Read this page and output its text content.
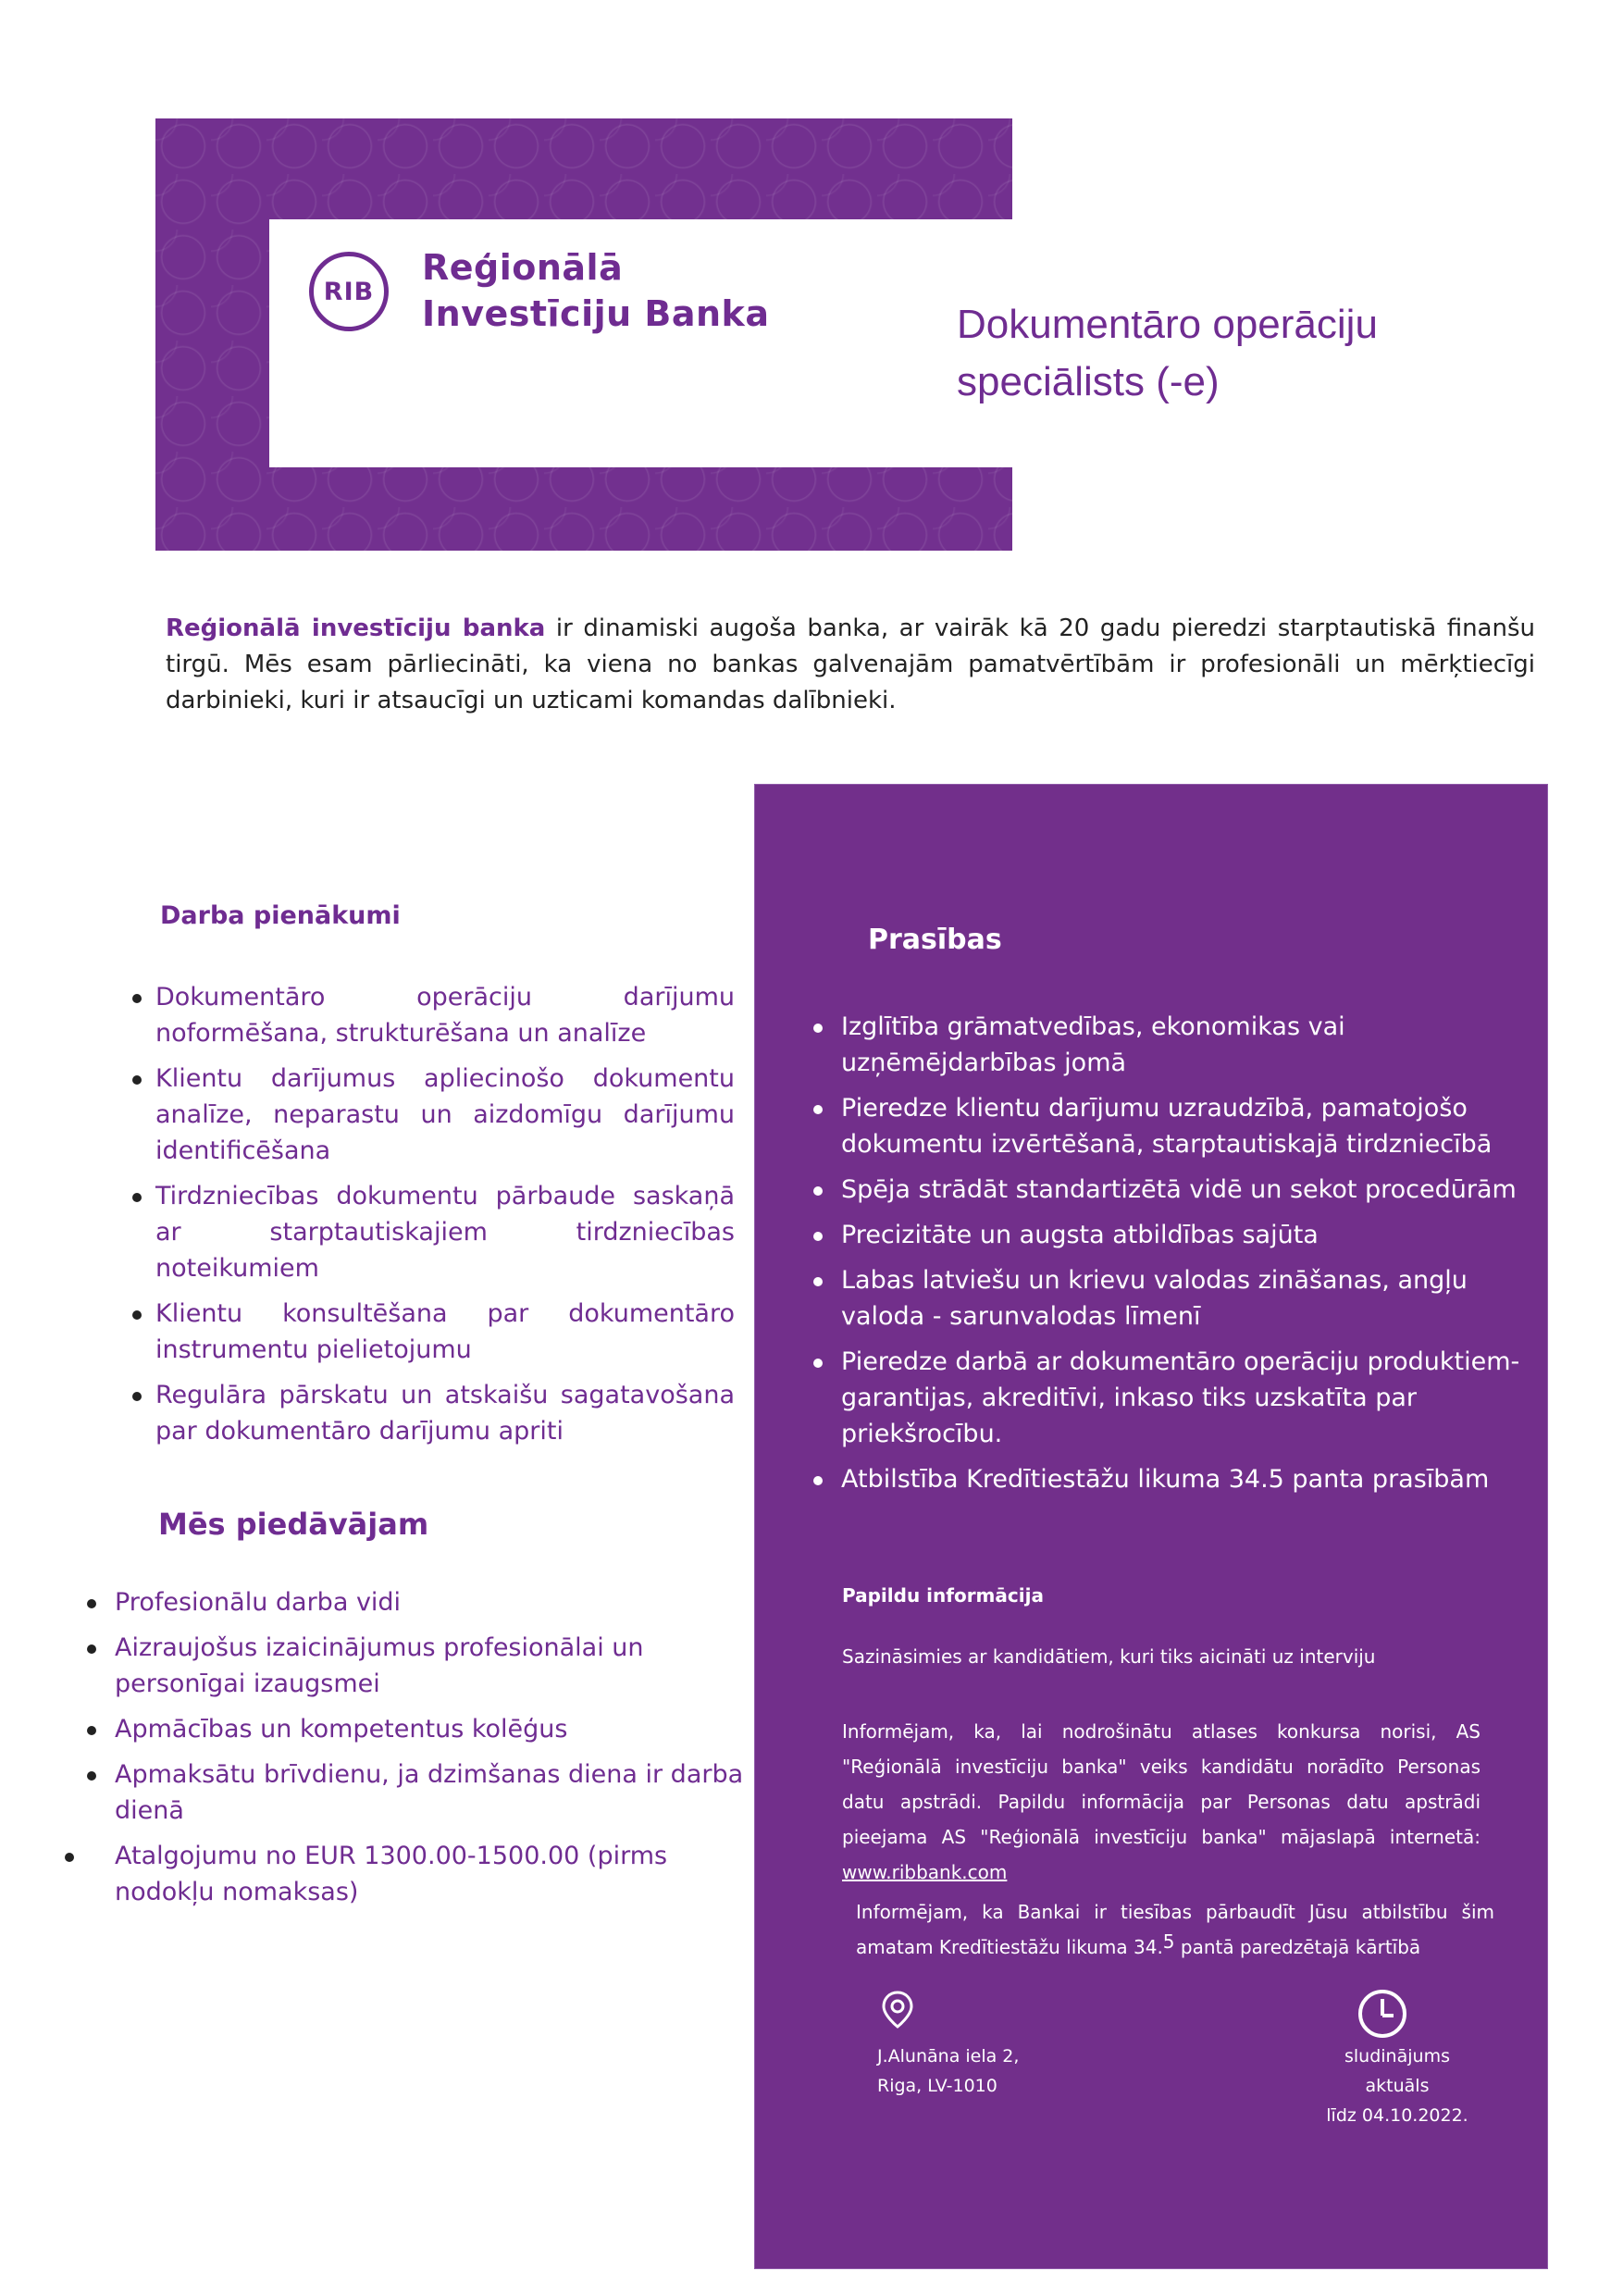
RIB
Reģionālā
Investīciju Banka	Dokumentāro operāciju speciālists (-e)
Reģionālā investīciju banka ir dinamiski augoša banka, ar vairāk kā 20 gadu pieredzi starptautiskā finanšu tirgū. Mēs esam pārliecināti, ka viena no bankas galvenajām pamatvērtībām ir profesionāli un mērķtiecīgi darbinieki, kuri ir atsaucīgi un uzticami komandas dalībnieki.
Darba pienākumi
Dokumentāro operāciju darījumu noformēšana, strukturēšana un analīze
Klientu darījumus apliecinošo dokumentu analīze, neparastu un aizdomīgu darījumu identificēšana
Tirdzniecības dokumentu pārbaude saskaņā ar starptautiskajiem tirdzniecības noteikumiem
Klientu konsultēšana par dokumentāro instrumentu pielietojumu
Regulāra pārskatu un atskaišu sagatavošana par dokumentāro darījumu apriti
Mēs piedāvājam
Profesionālu darba vidi
Aizraujošus izaicinājumus profesionālai un personīgai izaugsmei
Apmācības un kompetentus kolēģus
Apmaksātu brīvdienu, ja dzimšanas diena ir darba dienā
Atalgojumu no EUR 1300.00-1500.00 (pirms nodokļu nomaksas)
Prasības
Izglītība grāmatvedības, ekonomikas vai uzņēmējdarbības jomā
Pieredze klientu darījumu uzraudzībā, pamatojošo dokumentu izvērtēšanā, starptautiskajā tirdzniecībā
Spēja strādāt standartizētā vidē un sekot procedūrām
Precizitāte un augsta atbildības sajūta
Labas latviešu un krievu valodas zināšanas, angļu valoda - sarunvalodas līmenī
Pieredze darbā ar dokumentāro operāciju produktiem- garantijas, akreditīvi, inkaso tiks uzskatīta par priekšrocību.
Atbilstība Kredītiestāžu likuma 34.5 panta prasībām
Papildu informācija
Sazināsimies ar kandidātiem, kuri tiks aicināti uz interviju
Informējam, ka, lai nodrošinātu atlases konkursa norisi, AS "Reģionālā investīciju banka" veiks kandidātu norādīto Personas datu apstrādi. Papildu informācija par Personas datu apstrādi pieejama AS "Reģionālā investīciju banka" mājaslapā internetā: www.ribbank.com
Informējam, ka Bankai ir tiesības pārbaudīt Jūsu atbilstību šim amatam Kredītiestāžu likuma 34.$^5$ pantā paredzētajā kārtībā
J.Alunāna iela 2,
Riga, LV-1010
sludinājums aktuāls
līdz 04.10.2022.
